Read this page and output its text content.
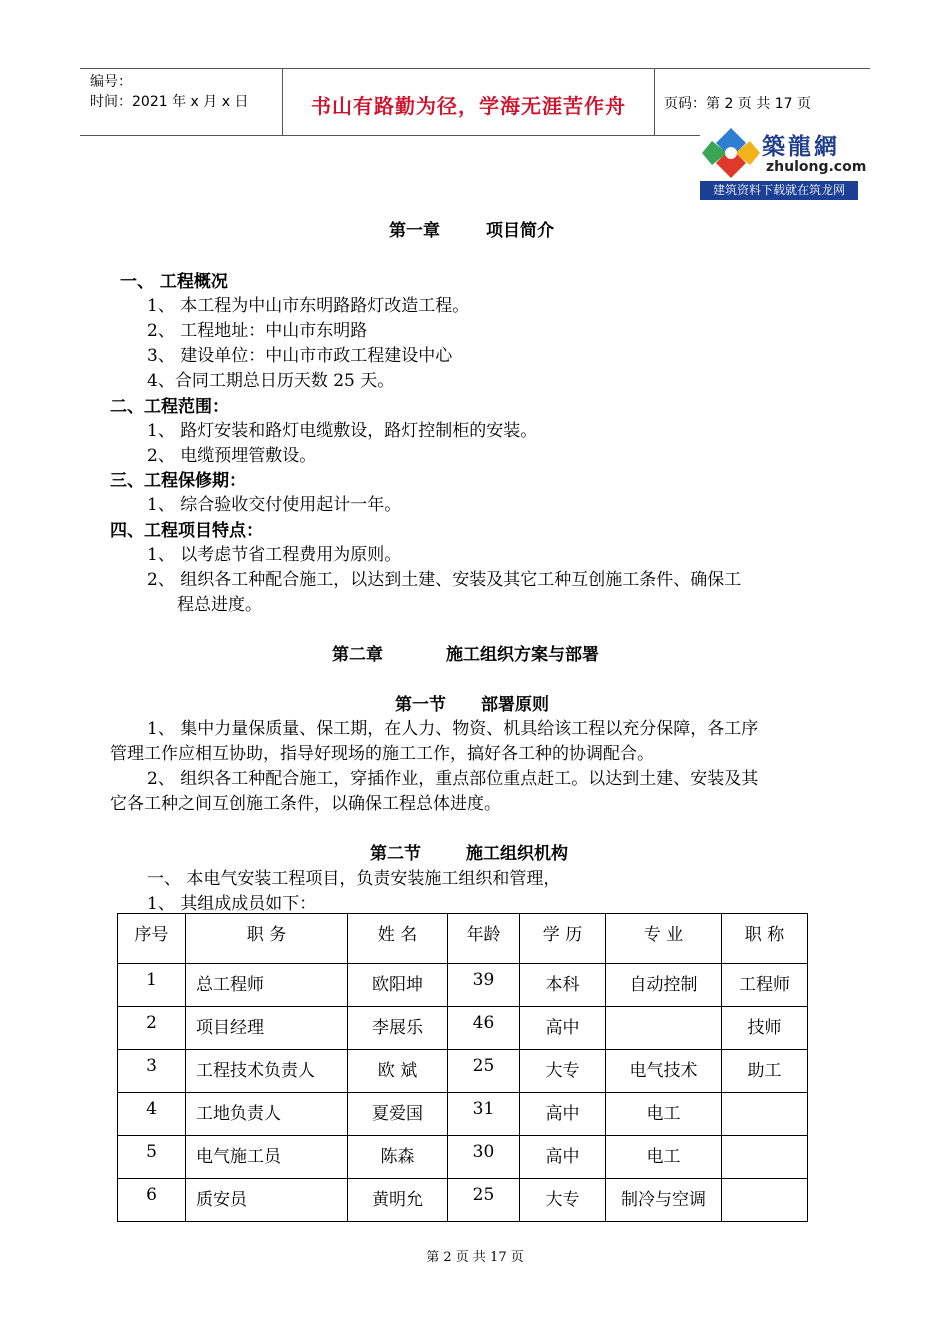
编号：
时间：2021 年 x 月 x 日	书山有路勤为径，学海无涯苦作舟	页码：第 2 页 共 17 页
築龍網
zhulong.com
建筑资料下载就在筑龙网
第一章	项目简介
一、 工程概况
1、 本工程为中山市东明路路灯改造工程。
2、 工程地址：中山市东明路
3、 建设单位：中山市市政工程建设中心
4、合同工期总日历天数 25 天。
二、工程范围：
1、 路灯安装和路灯电缆敷设，路灯控制柜的安装。
2、 电缆预埋管敷设。
三、工程保修期：
1、 综合验收交付使用起计一年。
四、工程项目特点：
1、 以考虑节省工程费用为原则。
2、 组织各工种配合施工，以达到土建、安装及其它工种互创施工条件、确保工
程总进度。
第二章	施工组织方案与部署
第一节 部署原则
1、 集中力量保质量、保工期，在人力、物资、机具给该工程以充分保障，各工序
管理工作应相互协助，指导好现场的施工工作，搞好各工种的协调配合。
2、 组织各工种配合施工，穿插作业，重点部位重点赶工。以达到土建、安装及其
它各工种之间互创施工条件，以确保工程总体进度。
第二节	施工组织机构
一、 本电气安装工程项目，负责安装施工组织和管理，
1、 其组成成员如下：
序号	职 务	姓 名	年龄	学 历	专 业	职 称
1	总工程师	欧阳坤	39	本科	自动控制	工程师
2	项目经理	李展乐	46	高中		技师
3	工程技术负责人	欧 斌	25	大专	电气技术	助工
4	工地负责人	夏爱国	31	高中	电工	
5	电气施工员	陈森	30	高中	电工	
6	质安员	黄明允	25	大专	制冷与空调	
第 2 页 共 17 页
